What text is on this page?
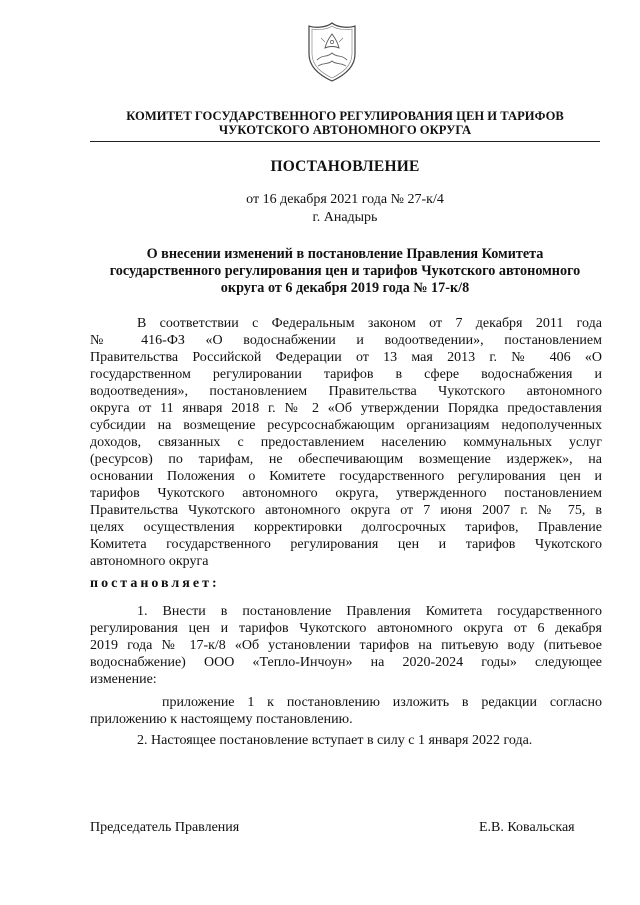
КОМИТЕТ ГОСУДАРСТВЕННОГО РЕГУЛИРОВАНИЯ ЦЕН И ТАРИФОВ
ЧУКОТСКОГО АВТОНОМНОГО ОКРУГА
ПОСТАНОВЛЕНИЕ
от 16 декабря 2021 года № 27-к/4
г. Анадырь
О внесении изменений в постановление Правления Комитета
государственного регулирования цен и тарифов Чукотского автономного
округа от 6 декабря 2019 года № 17-к/8
В соответствии с Федеральным законом от 7 декабря 2011 года
№ 416-ФЗ «О водоснабжении и водоотведении», постановлением
Правительства Российской Федерации от 13 мая 2013 г. № 406 «О
государственном регулировании тарифов в сфере водоснабжения и
водоотведения», постановлением Правительства Чукотского автономного
округа от 11 января 2018 г. № 2 «Об утверждении Порядка предоставления
субсидии на возмещение ресурсоснабжающим организациям недополученных
доходов, связанных с предоставлением населению коммунальных услуг
(ресурсов) по тарифам, не обеспечивающим возмещение издержек», на
основании Положения о Комитете государственного регулирования цен и
тарифов Чукотского автономного округа, утвержденного постановлением
Правительства Чукотского автономного округа от 7 июня 2007 г. № 75, в
целях осуществления корректировки долгосрочных тарифов, Правление
Комитета государственного регулирования цен и тарифов Чукотского
автономного округа
постановляет:
1. Внести в постановление Правления Комитета государственного
регулирования цен и тарифов Чукотского автономного округа от 6 декабря
2019 года № 17-к/8 «Об установлении тарифов на питьевую воду (питьевое
водоснабжение) ООО «Тепло-Инчоун» на 2020-2024 годы» следующее
изменение:
приложение 1 к постановлению изложить в редакции согласно
приложению к настоящему постановлению.
2. Настоящее постановление вступает в силу с 1 января 2022 года.
Председатель Правления	Е.В. Ковальская
